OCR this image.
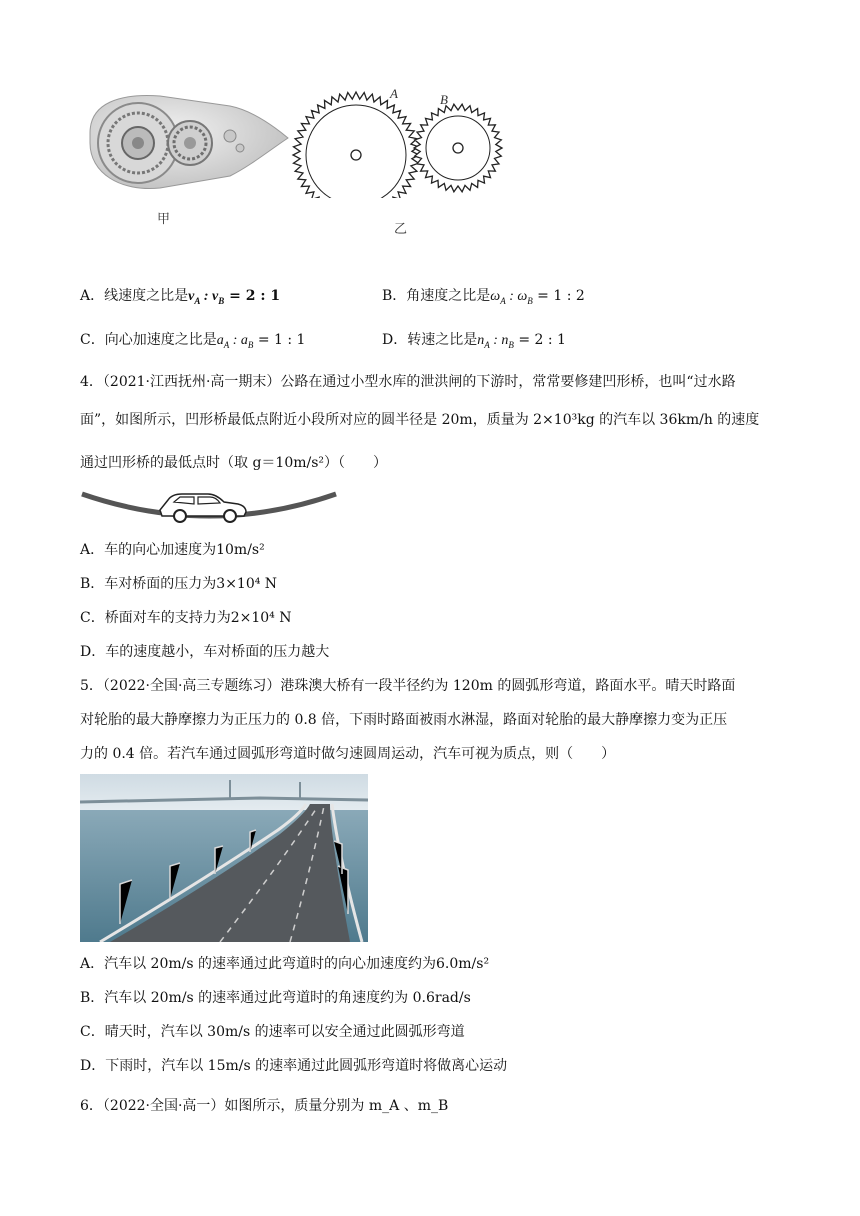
甲
A	B
乙
A．线速度之比是$v_A$ : $v_B = 2$ : 1	B．角速度之比是$\omega_A$ : $\omega_B = 1$ : 2
C．向心加速度之比是$a_A$ : $a_B = 1$ : 1	D．转速之比是$n_A$ : $n_B = 2$ : 1
4．（2021·江西抚州·高一期末）公路在通过小型水库的泄洪闸的下游时，常常要修建凹形桥，也叫“过水路
面”，如图所示，凹形桥最低点附近小段所对应的圆半径是 20m，质量为 2×10³kg 的汽车以 36km/h 的速度
通过凹形桥的最低点时（取 g＝10m/s²）（　　）
A．车的向心加速度为10m/s²
B．车对桥面的压力为3×10⁴ N
C．桥面对车的支持力为2×10⁴ N
D．车的速度越小，车对桥面的压力越大
5．（2022·全国·高三专题练习）港珠澳大桥有一段半径约为 120m 的圆弧形弯道，路面水平。晴天时路面
对轮胎的最大静摩擦力为正压力的 0.8 倍，下雨时路面被雨水淋湿，路面对轮胎的最大静摩擦力变为正压
力的 0.4 倍。若汽车通过圆弧形弯道时做匀速圆周运动，汽车可视为质点，则（　　）
A．汽车以 20m/s 的速率通过此弯道时的向心加速度约为6.0m/s²
B．汽车以 20m/s 的速率通过此弯道时的角速度约为 0.6rad/s
C．晴天时，汽车以 30m/s 的速率可以安全通过此圆弧形弯道
D．下雨时，汽车以 15m/s 的速率通过此圆弧形弯道时将做离心运动
6．（2022·全国·高一）如图所示，质量分别为 m_A 、m_B
